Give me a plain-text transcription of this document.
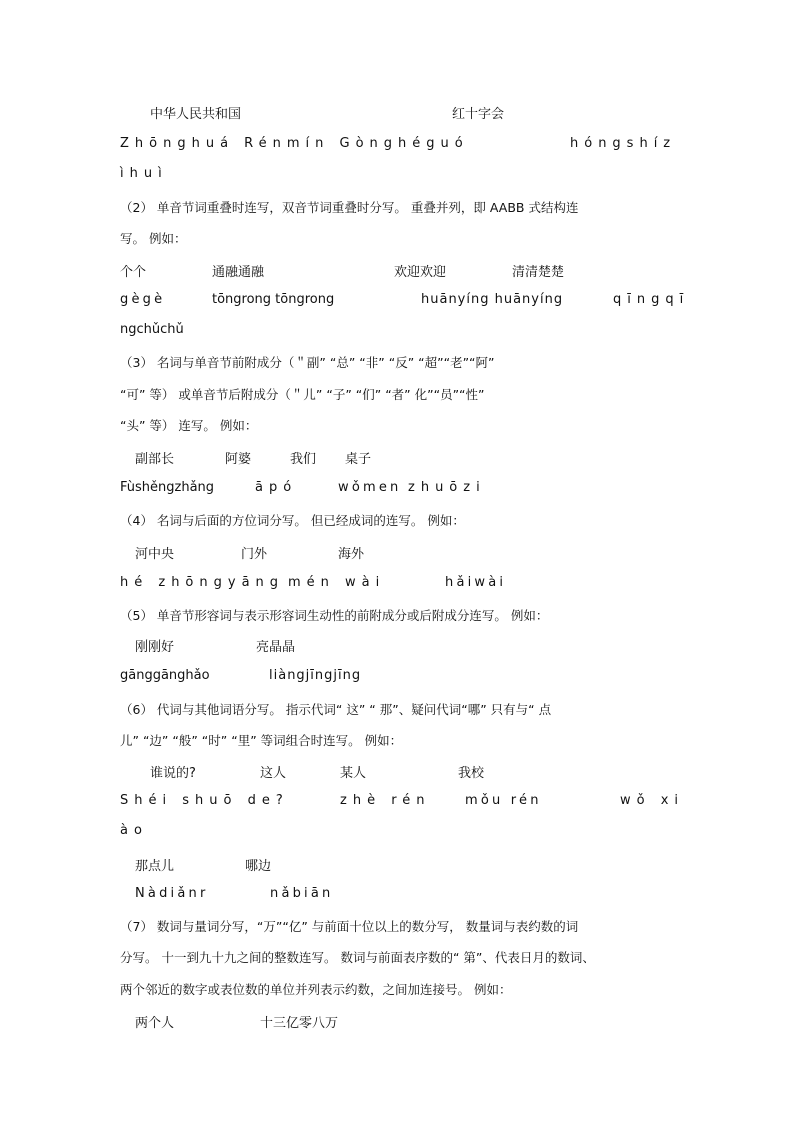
中华人民共和国	红十字会
Zhōnghuá Rénmín Gònghéguó	hóngshíz
ìhuì
（2） 单音节词重叠时连写，双音节词重叠时分写。 重叠并列，即 AABB 式结构连
写。 例如：
个个	通融通融	欢迎欢迎	清清楚楚
gègè	tōngrong tōngrong	huānyíng huānyíng	qīngqī
ngchǔchǔ
（3） 名词与单音节前附成分（＂副” “总” “非” “反” “超”“老”“阿”
“可” 等） 或单音节后附成分（＂儿” “子” “们” “者” 化”“员”“性”
“头” 等） 连写。 例如：
副部长	阿婆	我们 桌子
Fùshěngzhǎng	āpó	wǒmen zhuōzi
（4） 名词与后面的方位词分写。 但已经成词的连写。 例如：
河中央	门外	海外
hé zhōngyāng mén wài	hǎiwài
（5） 单音节形容词与表示形容词生动性的前附成分或后附成分连写。 例如：
刚刚好	亮晶晶
gānggānghǎo	liàngjīngjīng
（6） 代词与其他词语分写。 指示代词“ 这” “ 那”、疑问代词“哪” 只有与“ 点
儿” “边” “般” “时” “里” 等词组合时连写。 例如：
谁说的?	这人	某人	我校
Shéi shuō de?	zhè rén	mǒu rén	wǒ xi
ào
那点儿	哪边
Nàdiǎnr	nǎbiān
（7） 数词与量词分写，“万”“亿” 与前面十位以上的数分写， 数量词与表约数的词
分写。 十一到九十九之间的整数连写。 数词与前面表序数的“ 第”、代表日月的数词、
两个邻近的数字或表位数的单位并列表示约数，之间加连接号。 例如：
两个人	十三亿零八万
